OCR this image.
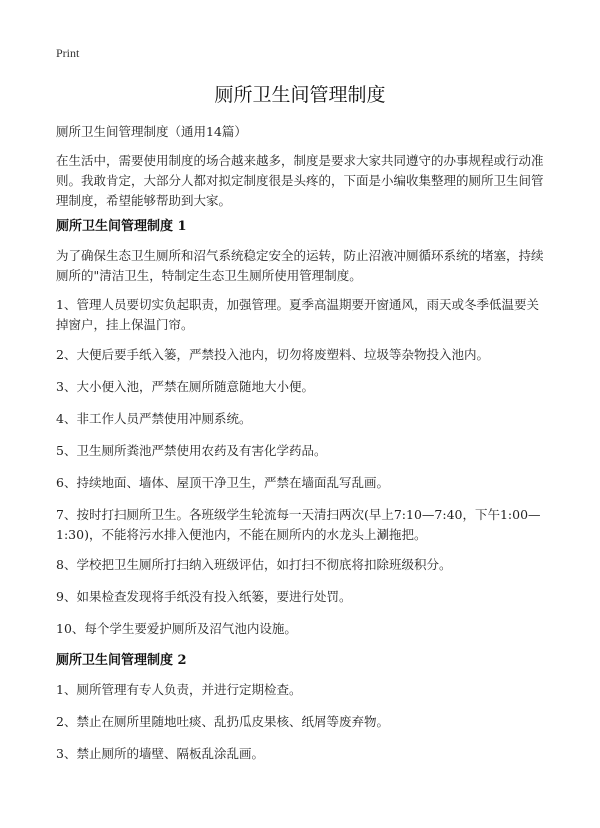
Print
厕所卫生间管理制度

厕所卫生间管理制度（通用14篇）

在生活中，需要使用制度的场合越来越多，制度是要求大家共同遵守的办事规程或行动准则。我敢肯定，大部分人都对拟定制度很是头疼的，下面是小编收集整理的厕所卫生间管理制度，希望能够帮助到大家。

厕所卫生间管理制度 1

为了确保生态卫生厕所和沼气系统稳定安全的运转，防止沼液冲厕循环系统的堵塞，持续厕所的"清洁卫生，特制定生态卫生厕所使用管理制度。

1、管理人员要切实负起职责，加强管理。夏季高温期要开窗通风，雨天或冬季低温要关掉窗户，挂上保温门帘。

2、大便后要手纸入篓，严禁投入池内，切勿将废塑料、垃圾等杂物投入池内。

3、大小便入池，严禁在厕所随意随地大小便。

4、非工作人员严禁使用冲厕系统。

5、卫生厕所粪池严禁使用农药及有害化学药品。

6、持续地面、墙体、屋顶干净卫生，严禁在墙面乱写乱画。

7、按时打扫厕所卫生。各班级学生轮流每一天清扫两次(早上7:10—7:40，下午1:00—1:30)，不能将污水排入便池内，不能在厕所内的水龙头上涮拖把。

8、学校把卫生厕所打扫纳入班级评估，如打扫不彻底将扣除班级积分。

9、如果检查发现将手纸没有投入纸篓，要进行处罚。

10、每个学生要爱护厕所及沼气池内设施。

厕所卫生间管理制度 2

1、厕所管理有专人负责，并进行定期检查。

2、禁止在厕所里随地吐痰、乱扔瓜皮果核、纸屑等废弃物。

3、禁止厕所的墙壁、隔板乱涂乱画。
